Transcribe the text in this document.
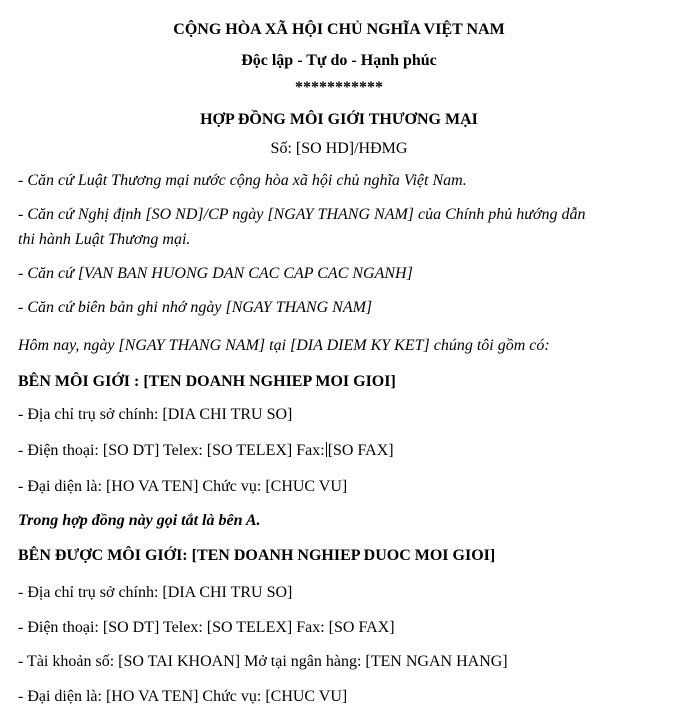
CỘNG HÒA XÃ HỘI CHỦ NGHĨA VIỆT NAM
Độc lập - Tự do - Hạnh phúc
***********
HỢP ĐỒNG MÔI GIỚI THƯƠNG MẠI
Số: [SO HD]/HĐMG
- Căn cứ Luật Thương mại nước cộng hòa xã hội chủ nghĩa Việt Nam.
- Căn cứ Nghị định [SO ND]/CP ngày [NGAY THANG NAM] của Chính phủ hướng dẫn
thi hành Luật Thương mại.
- Căn cứ [VAN BAN HUONG DAN CAC CAP CAC NGANH]
- Căn cứ biên bản ghi nhớ ngày [NGAY THANG NAM]
Hôm nay, ngày [NGAY THANG NAM] tại [DIA DIEM KY KET] chúng tôi gồm có:
BÊN MÔI GIỚI : [TEN DOANH NGHIEP MOI GIOI]
- Địa chỉ trụ sở chính: [DIA CHI TRU SO]
- Điện thoại: [SO DT] Telex: [SO TELEX] Fax: [SO FAX]
- Đại diện là: [HO VA TEN] Chức vụ: [CHUC VU]
Trong hợp đồng này gọi tắt là bên A.
BÊN ĐƯỢC MÔI GIỚI: [TEN DOANH NGHIEP DUOC MOI GIOI]
- Địa chỉ trụ sở chính: [DIA CHI TRU SO]
- Điện thoại: [SO DT] Telex: [SO TELEX] Fax: [SO FAX]
- Tài khoản số: [SO TAI KHOAN] Mở tại ngân hàng: [TEN NGAN HANG]
- Đại diện là: [HO VA TEN] Chức vụ: [CHUC VU]
